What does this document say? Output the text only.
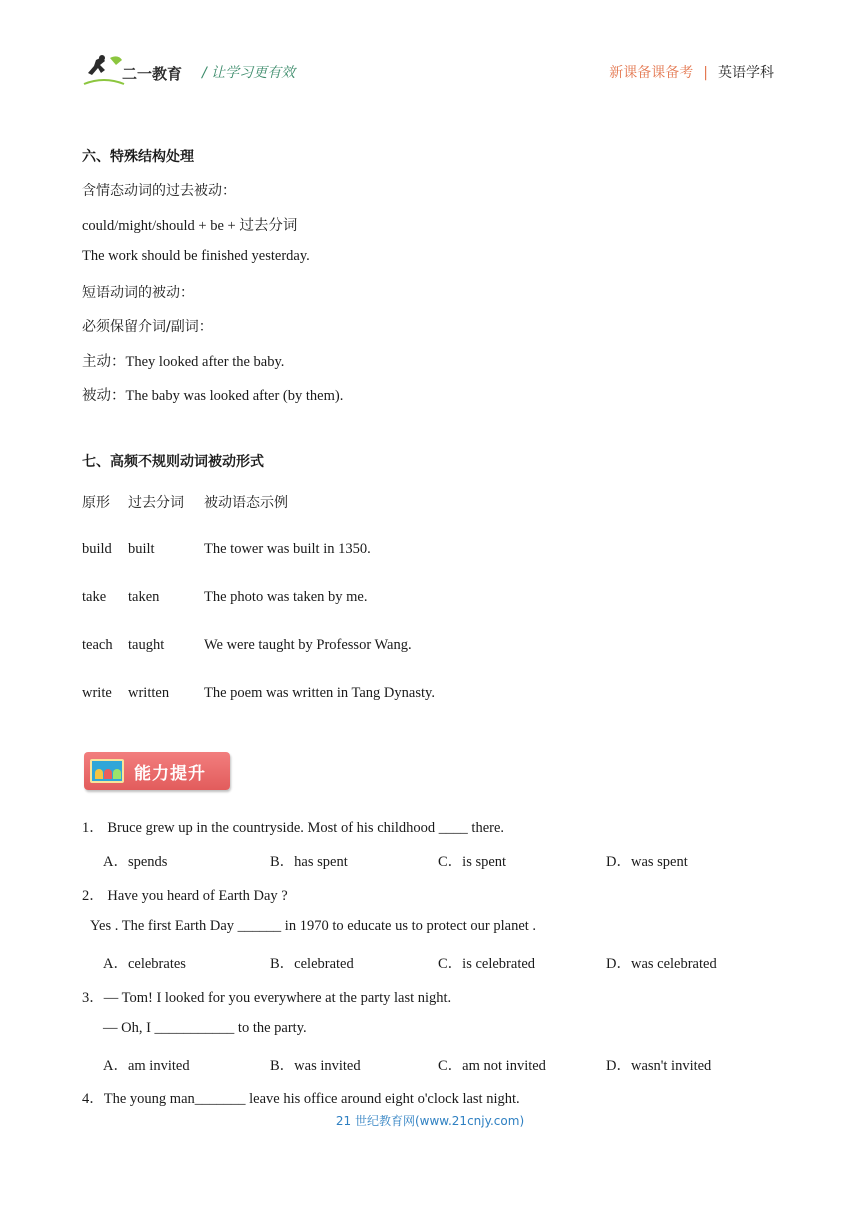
二一教育 / 让学习更有效	新课备课备考 | 英语学科
六、特殊结构处理
含情态动词的过去被动：
could/might/should + be + 过去分词
The work should be finished yesterday.
短语动词的被动：
必须保留介词/副词：
主动：They looked after the baby.
被动：The baby was looked after (by them).
七、高频不规则动词被动形式
原形 过去分词 被动语态示例
build built	The tower was built in 1350.
take taken	The photo was taken by me.
teach taught	We were taught by Professor Wang.
write written The poem was written in Tang Dynasty.
能力提升
1． Bruce grew up in the countryside. Most of his childhood ____ there.
A．spends	B．has spent	C．is spent	D．was spent
2． Have you heard of Earth Day ?
Yes . The first Earth Day ______ in 1970 to educate us to protect our planet .
A．celebrates	B．celebrated	C．is celebrated	D．was celebrated
3．— Tom! I looked for you everywhere at the party last night.
— Oh, I ___________ to the party.
A．am invited	B．was invited	C．am not invited	D．wasn't invited
4．The young man_______ leave his office around eight o'clock last night.
21 世纪教育网(www.21cnjy.com)
